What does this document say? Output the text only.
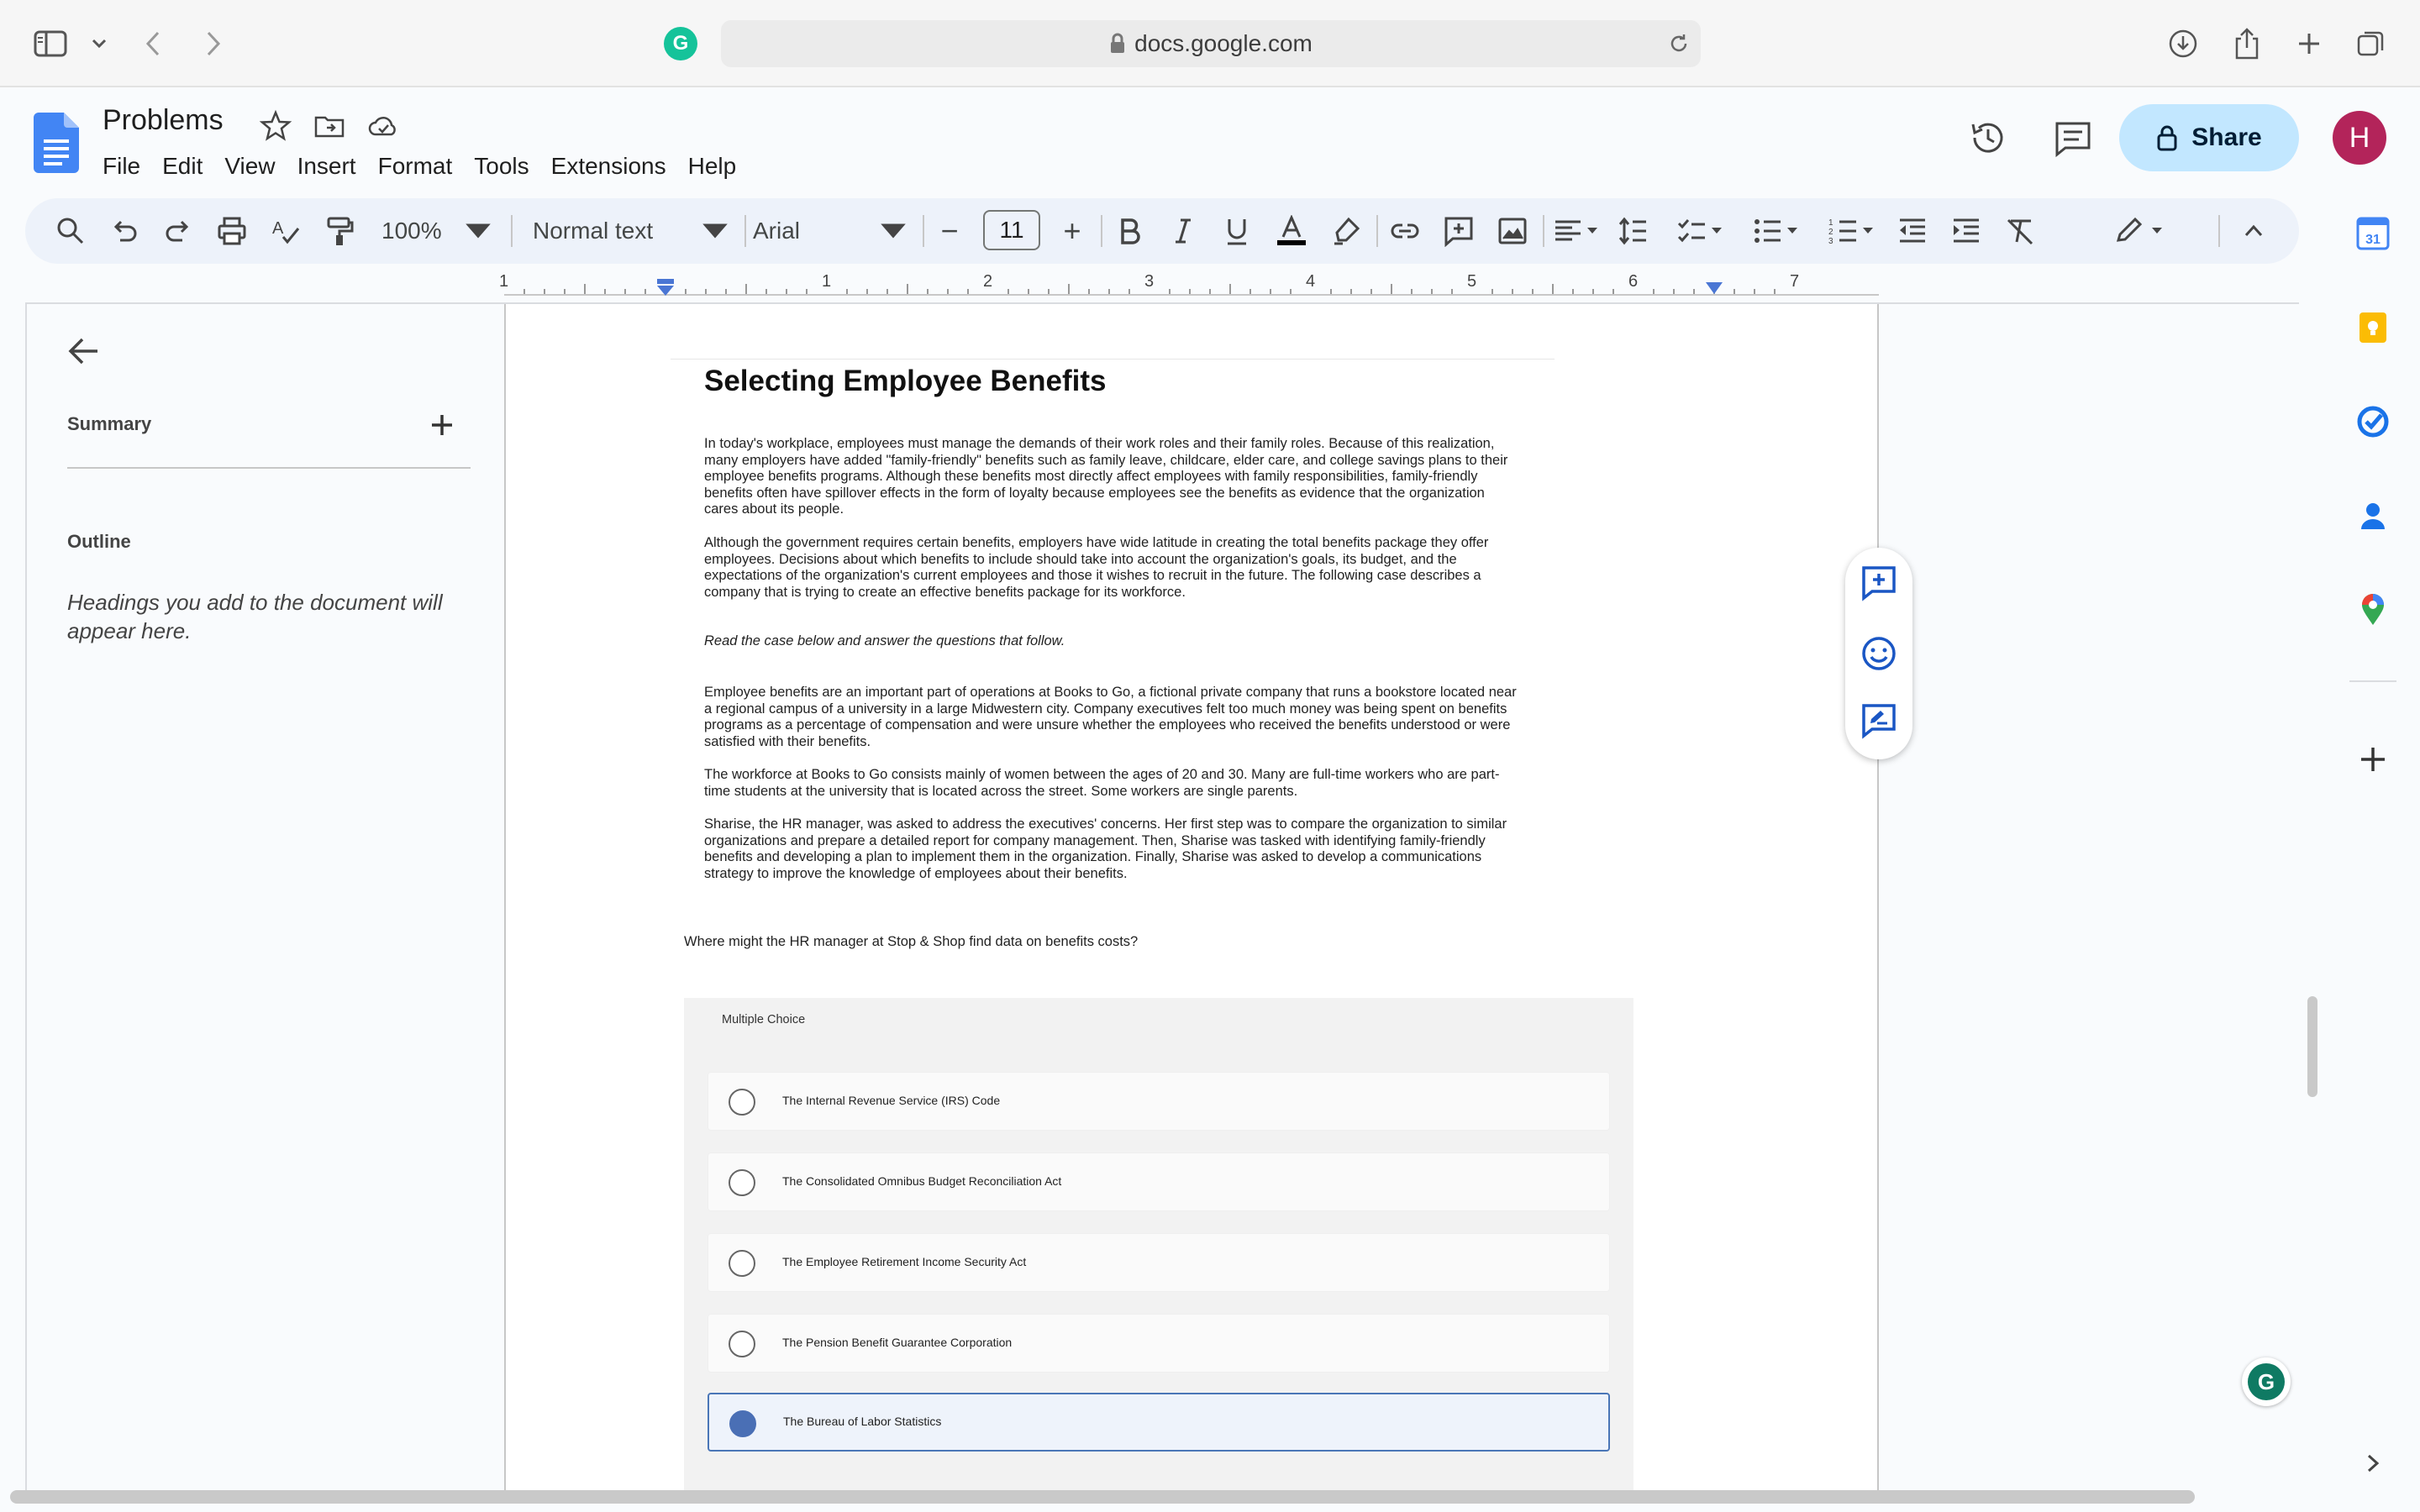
G	docs.google.com
Problems
File Edit View Insert Format Tools Extensions Help
Share	H
A	100%	Normal text	Arial	−	11	+	1
2
3
1	1	2	3	4	5	6	7
Summary
Outline
Headings you add to the document will appear here.
Selecting Employee Benefits
In today's workplace, employees must manage the demands of their work roles and their family roles. Because of this realization, many employers have added "family-friendly" benefits such as family leave, childcare, elder care, and college savings plans to their employee benefits programs. Although these benefits most directly affect employees with family responsibilities, family-friendly benefits often have spillover effects in the form of loyalty because employees see the benefits as evidence that the organization cares about its people.
Although the government requires certain benefits, employers have wide latitude in creating the total benefits package they offer employees. Decisions about which benefits to include should take into account the organization's goals, its budget, and the expectations of the organization's current employees and those it wishes to recruit in the future. The following case describes a company that is trying to create an effective benefits package for its workforce.
Read the case below and answer the questions that follow.
Employee benefits are an important part of operations at Books to Go, a fictional private company that runs a bookstore located near a regional campus of a university in a large Midwestern city. Company executives felt too much money was being spent on benefits programs as a percentage of compensation and were unsure whether the employees who received the benefits understood or were satisfied with their benefits.
The workforce at Books to Go consists mainly of women between the ages of 20 and 30. Many are full-time workers who are part-time students at the university that is located across the street. Some workers are single parents.
Sharise, the HR manager, was asked to address the executives' concerns. Her first step was to compare the organization to similar organizations and prepare a detailed report for company management. Then, Sharise was tasked with identifying family-friendly benefits and developing a plan to implement them in the organization. Finally, Sharise was asked to develop a communications strategy to improve the knowledge of employees about their benefits.
Where might the HR manager at Stop & Shop find data on benefits costs?
Multiple Choice
The Internal Revenue Service (IRS) Code
The Consolidated Omnibus Budget Reconciliation Act
The Employee Retirement Income Security Act
The Pension Benefit Guarantee Corporation
The Bureau of Labor Statistics
31
G
